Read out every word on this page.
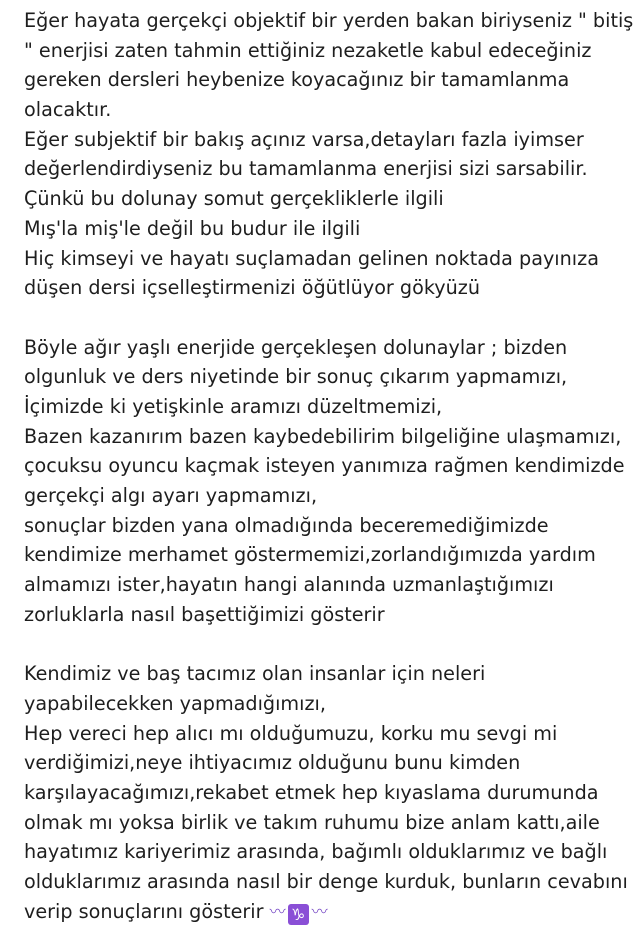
Eğer hayata gerçekçi objektif bir yerden bakan biriyseniz " bitiş
" enerjisi zaten tahmin ettiğiniz nezaketle kabul edeceğiniz
gereken dersleri heybenize koyacağınız bir tamamlanma
olacaktır.
Eğer subjektif bir bakış açınız varsa,detayları fazla iyimser
değerlendirdiyseniz bu tamamlanma enerjisi sizi sarsabilir.
Çünkü bu dolunay somut gerçekliklerle ilgili
Mış'la miş'le değil bu budur ile ilgili
Hiç kimseyi ve hayatı suçlamadan gelinen noktada payınıza
düşen dersi içselleştirmenizi öğütlüyor gökyüzü
Böyle ağır yaşlı enerjide gerçekleşen dolunaylar ; bizden
olgunluk ve ders niyetinde bir sonuç çıkarım yapmamızı,
İçimizde ki yetişkinle aramızı düzeltmemizi,
Bazen kazanırım bazen kaybedebilirim bilgeliğine ulaşmamızı,
çocuksu oyuncu kaçmak isteyen yanımıza rağmen kendimizde
gerçekçi algı ayarı yapmamızı,
sonuçlar bizden yana olmadığında beceremediğimizde
kendimize merhamet göstermemizi,zorlandığımızda yardım
almamızı ister,hayatın hangi alanında uzmanlaştığımızı
zorluklarla nasıl başettiğimizi gösterir
Kendimiz ve baş tacımız olan insanlar için neleri
yapabilecekken yapmadığımızı,
Hep vereci hep alıcı mı olduğumuzu, korku mu sevgi mi
verdiğimizi,neye ihtiyacımız olduğunu bunu kimden
karşılayacağımızı,rekabet etmek hep kıyaslama durumunda
olmak mı yoksa birlik ve takım ruhumu bize anlam kattı,aile
hayatımız kariyerimiz arasında, bağımlı olduklarımız ve bağlı
olduklarımız arasında nasıl bir denge kurduk, bunların cevabını
verip sonuçlarını gösterir 〰 ♑ 〰
